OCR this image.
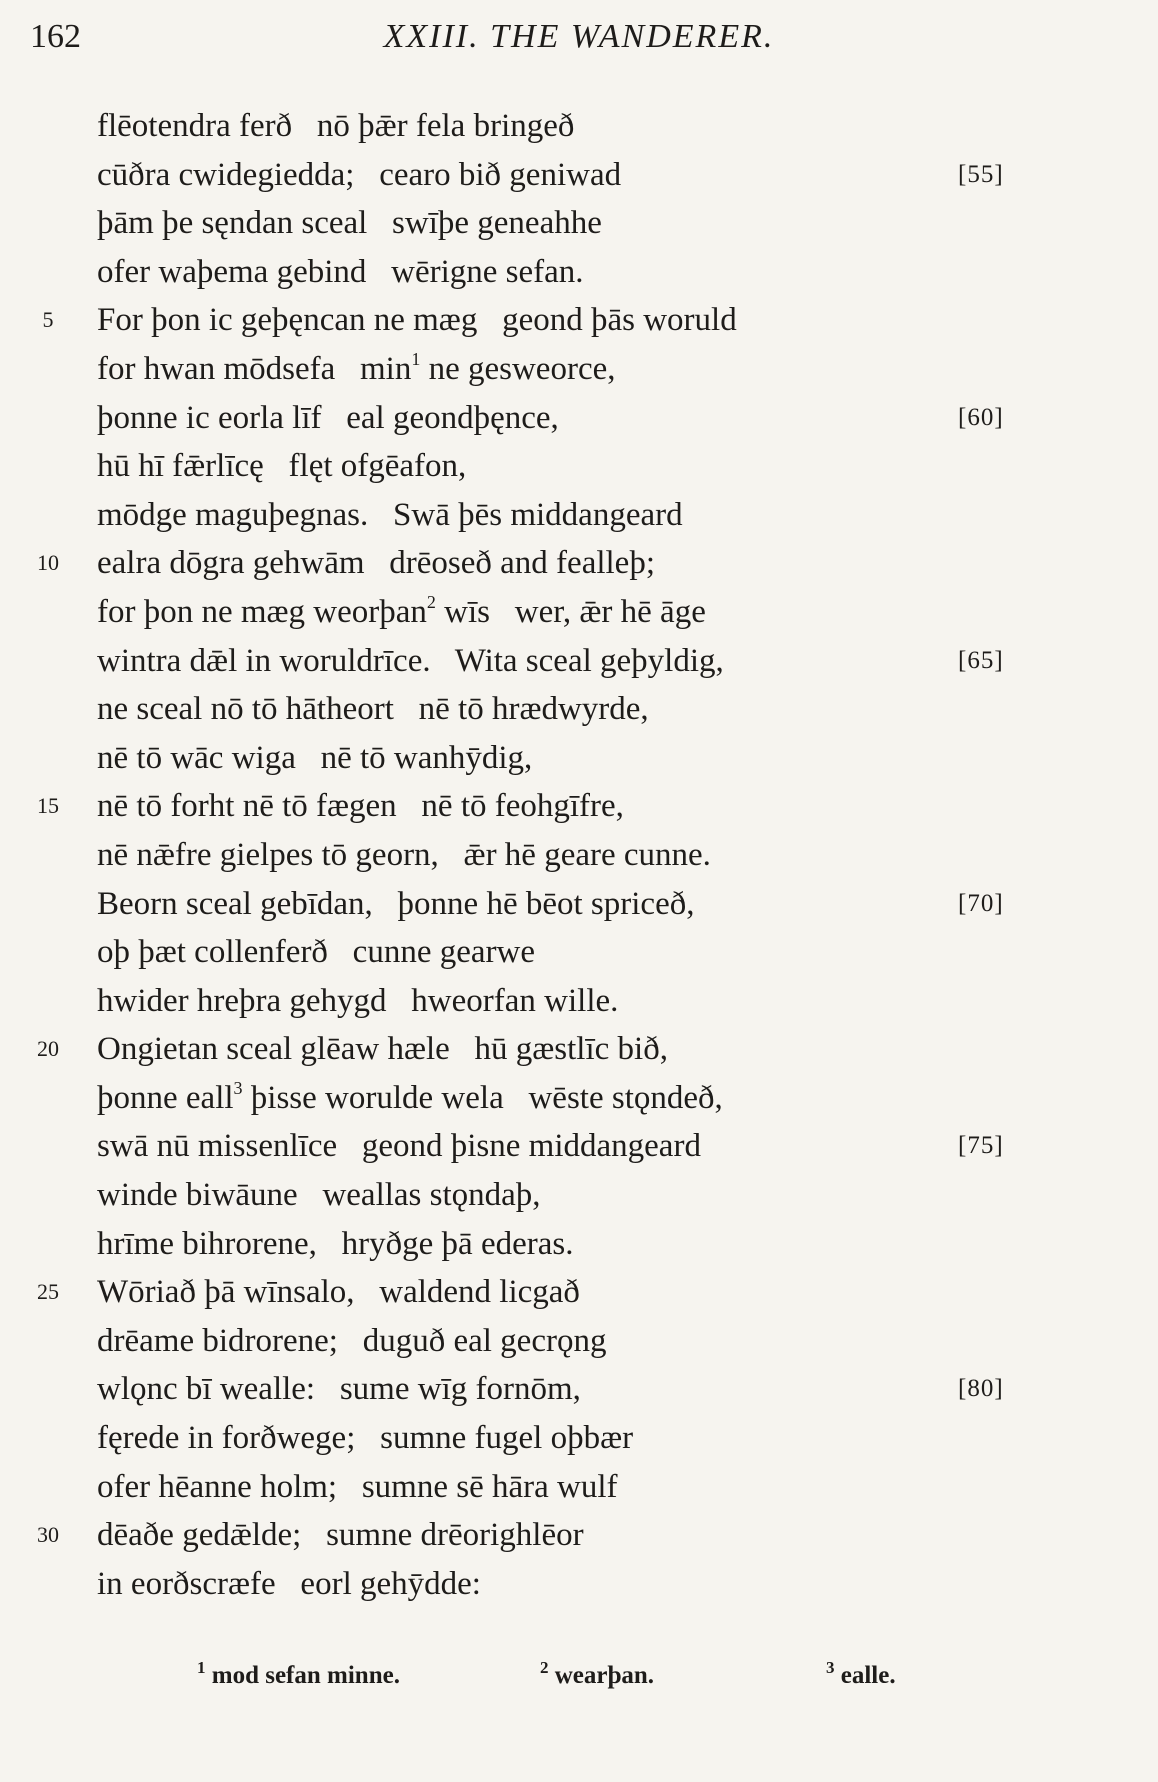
162	XXIII. THE WANDERER.
flēotendra ferð   nō þǣr fela bringeð
cūðra cwidegiedda;   cearo bið geniwad	[55]
þām þe sęndan sceal   swīþe geneahhe
ofer waþema gebind   wērigne sefan.
5	For þon ic geþęncan ne mæg   geond þās woruld
for hwan mōdsefa   $\min^1$ ne gesweorce,
þonne ic eorla līf   eal geondþęnce,	[60]
hū hī fǣrlīcę   flęt ofgēafon,
mōdge maguþegnas.   Swā þēs middangeard
10 ealra dōgra gehwām   drēoseð and fealleþ;
for þon ne mæg weorþan$^2$ wīs   wer, ǣr hē āge
wintra dǣl in woruldrīce.   Wita sceal geþyldig,	[65]
ne sceal nō tō hātheort   nē tō hrædwyrde,
nē tō wāc wiga   nē tō wanhȳdig,
15 nē tō forht nē tō fægen   nē tō feohgīfre,
nē nǣfre gielpes tō georn,   ǣr hē geare cunne.
Beorn sceal gebīdan,   þonne hē bēot spriceð,	[70]
oþ þæt collenferð   cunne gearwe
hwider hreþra gehygd   hweorfan wille.
20 Ongietan sceal glēaw hæle   hū gæstlīc bið,
þonne eall$^3$ þisse worulde wela   wēste stǫndeð,
swā nū missenlīce   geond þisne middangeard	[75]
winde biwāune   weallas stǫndaþ,
hrīme bihrorene,   hryðge þā ederas.
25 Wōriað þā wīnsalo,   waldend licgað
drēame bidrorene;   duguð eal gecrǫng
wlǫnc bī wealle:   sume wīg fornōm,	[80]
fęrede in forðwege;   sumne fugel oþbær
ofer hēanne holm;   sumne sē hāra wulf
30 dēaðe gedǣlde;   sumne drēorighlēor
in eorðscræfe   eorl gehȳdde:
$^1$ mod sefan minne.	$^2$ wearþan.	$^3$ ealle.
